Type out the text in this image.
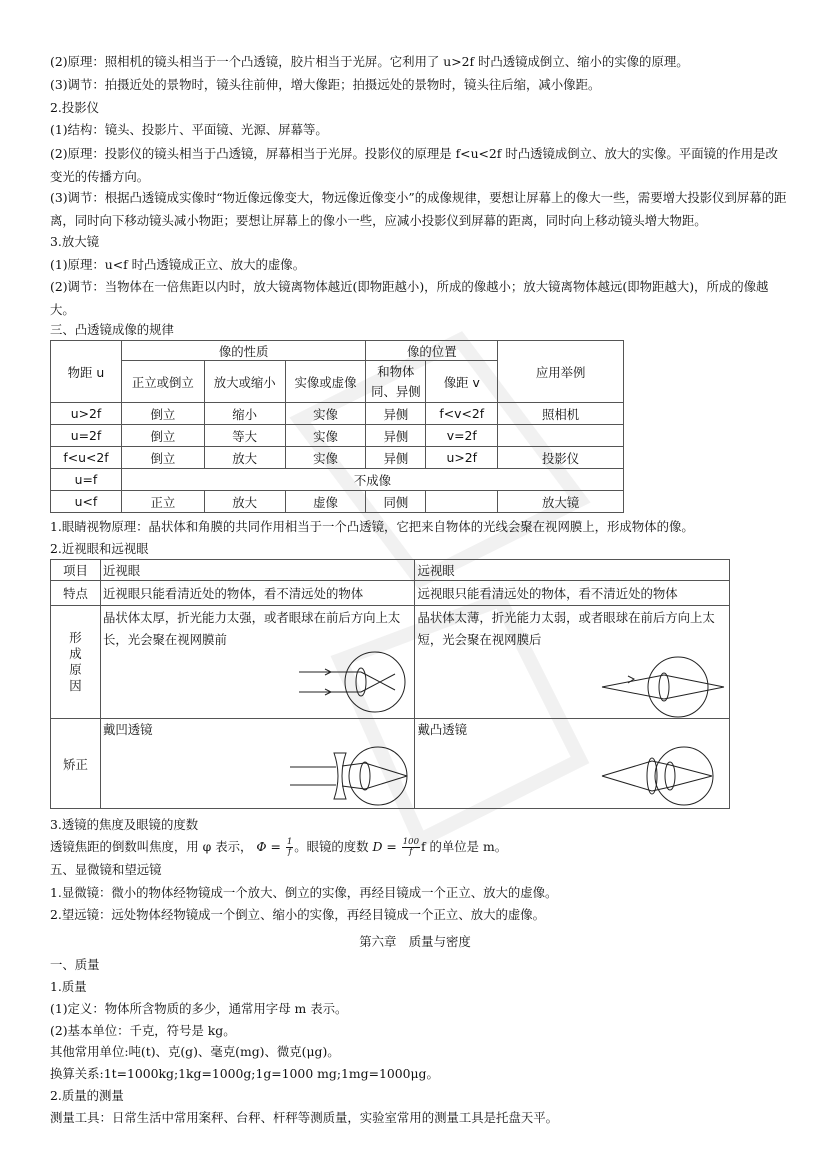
(2)原理：照相机的镜头相当于一个凸透镜，胶片相当于光屏。它利用了 u>2f 时凸透镜成倒立、缩小的实像的原理。
(3)调节：拍摄近处的景物时，镜头往前伸，增大像距；拍摄远处的景物时，镜头往后缩，减小像距。
2.投影仪
(1)结构：镜头、投影片、平面镜、光源、屏幕等。
(2)原理：投影仪的镜头相当于凸透镜，屏幕相当于光屏。投影仪的原理是 f<u<2f 时凸透镜成倒立、放大的实像。平面镜的作用是改变光的传播方向。
(3)调节：根据凸透镜成实像时“物近像远像变大，物远像近像变小”的成像规律，要想让屏幕上的像大一些，需要增大投影仪到屏幕的距离，同时向下移动镜头减小物距；要想让屏幕上的像小一些，应减小投影仪到屏幕的距离，同时向上移动镜头增大物距。
3.放大镜
(1)原理：u<f 时凸透镜成正立、放大的虚像。
(2)调节：当物体在一倍焦距以内时，放大镜离物体越近(即物距越小)，所成的像越小；放大镜离物体越远(即物距越大)，所成的像越大。
三、凸透镜成像的规律
物距 u	像的性质			像的位置		应用举例
	正立或倒立	放大或缩小	实像或虚像	和物体同、异侧	像距 v	
u>2f	倒立	缩小	实像	异侧	f<v<2f	照相机
u=2f	倒立	等大	实像	异侧	v=2f	
f<u<2f	倒立	放大	实像	异侧	u>2f	投影仪
u=f	不成像					
u<f	正立	放大	虚像	同侧		放大镜
1.眼睛视物原理：晶状体和角膜的共同作用相当于一个凸透镜，它把来自物体的光线会聚在视网膜上，形成物体的像。
2.近视眼和远视眼
项目	近视眼	远视眼
特点	近视眼只能看清近处的物体，看不清远处的物体	远视眼只能看清远处的物体，看不清近处的物体
形成原因	晶状体太厚，折光能力太强，或者眼球在前后方向上太长，光会聚在视网膜前	晶状体太薄，折光能力太弱，或者眼球在前后方向上太短，光会聚在视网膜后

矫正	戴凹透镜	戴凸透镜
3.透镜的焦度及眼镜的度数
透镜焦距的倒数叫焦度，用 φ 表示， $\Phi = \frac{1}{f}$ 。眼镜的度数 $D = \frac{100}{f}$ f 的单位是 m。
五、显微镜和望远镜
1.显微镜：微小的物体经物镜成一个放大、倒立的实像，再经目镜成一个正立、放大的虚像。
2.望远镜：远处物体经物镜成一个倒立、缩小的实像，再经目镜成一个正立、放大的虚像。
第六章　质量与密度
一、质量
1.质量
(1)定义：物体所含物质的多少，通常用字母 m 表示。
(2)基本单位：千克，符号是 kg。
其他常用单位:吨(t)、克(g)、毫克(mg)、微克(μg)。
换算关系:1t=1000kg;1kg=1000g;1g=1000 mg;1mg=1000μg。
2.质量的测量
测量工具：日常生活中常用案秤、台秤、杆秤等测质量，实验室常用的测量工具是托盘天平。
